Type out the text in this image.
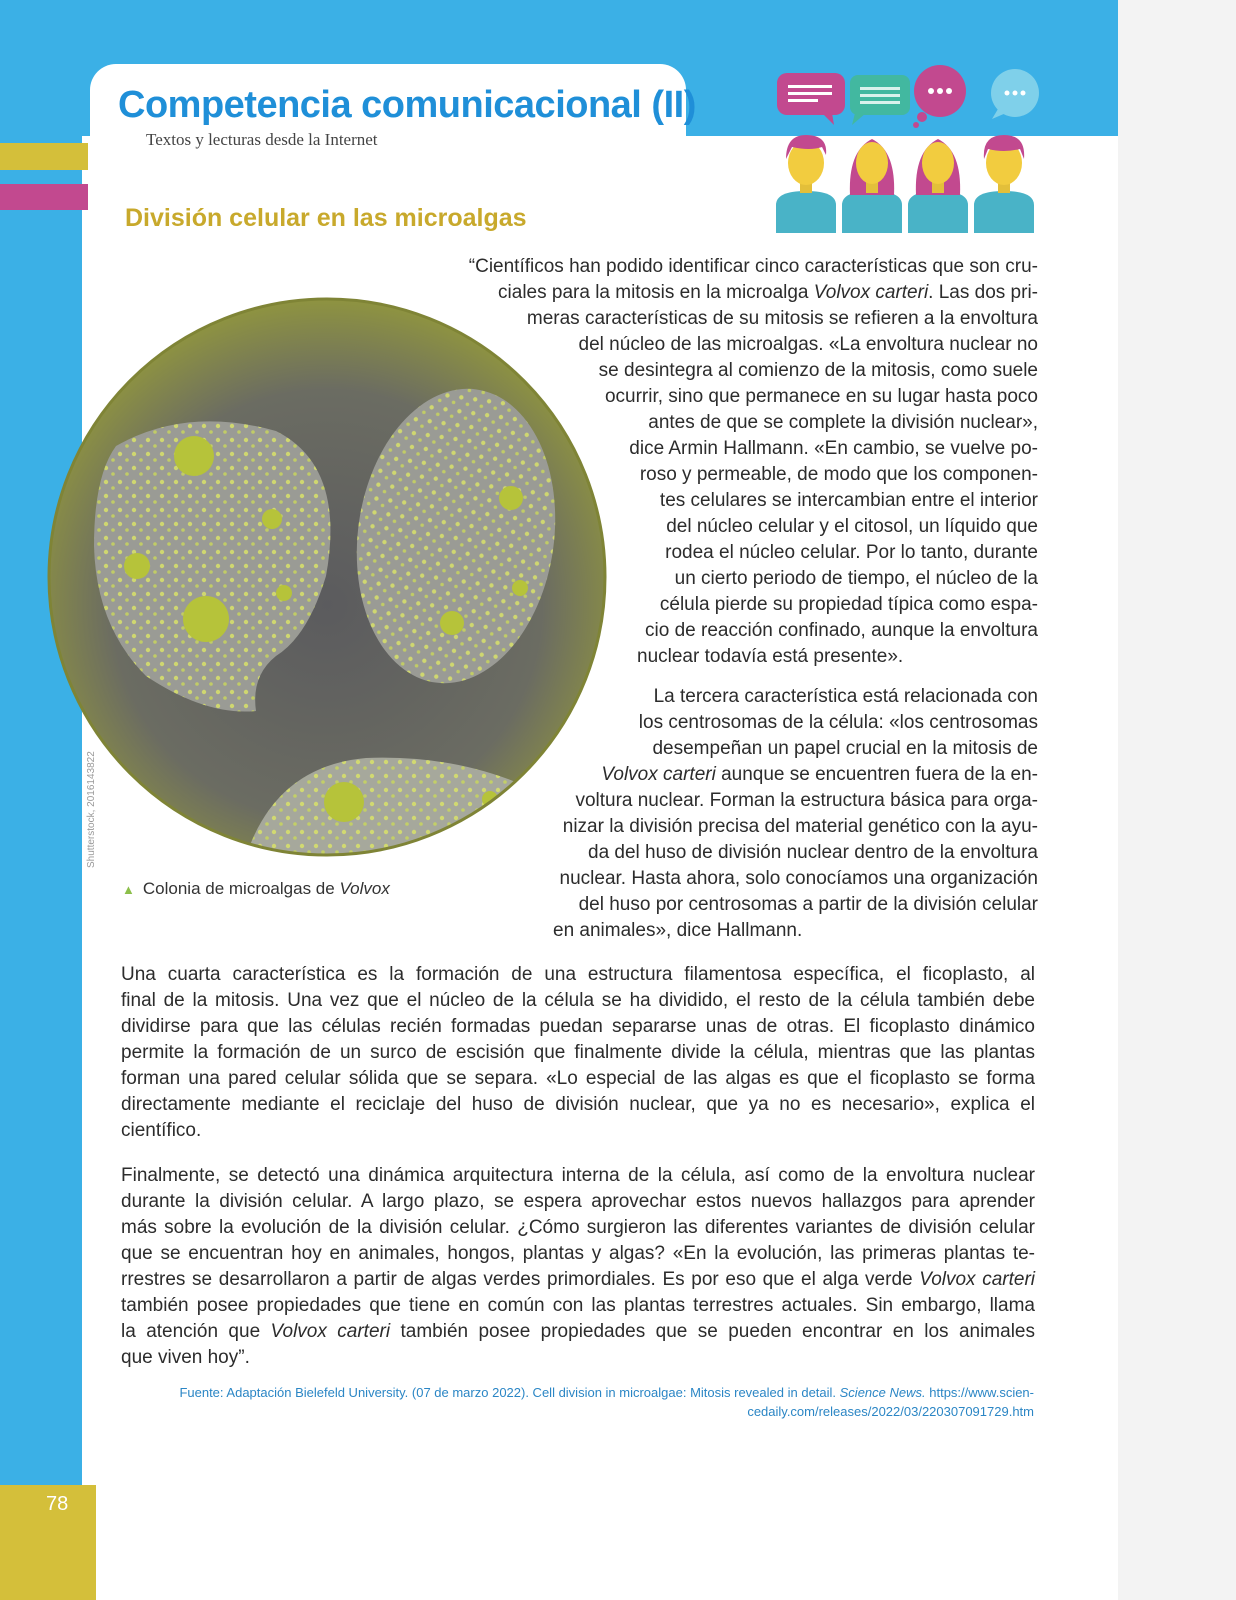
Competencia comunicacional (II)
Textos y lecturas desde la Internet
División celular en las microalgas
Shutterstock, 2016143822
▲ Colonia de microalgas de Volvox
“Científicos han podido identificar cinco características que son cru-
ciales para la mitosis en la microalga Volvox carteri. Las dos pri-
meras características de su mitosis se refieren a la envoltura
del núcleo de las microalgas. «La envoltura nuclear no
se desintegra al comienzo de la mitosis, como suele
ocurrir, sino que permanece en su lugar hasta poco
antes de que se complete la división nuclear»,
dice Armin Hallmann. «En cambio, se vuelve po-
roso y permeable, de modo que los componen-
tes celulares se intercambian entre el interior
del núcleo celular y el citosol, un líquido que
rodea el núcleo celular. Por lo tanto, durante
un cierto periodo de tiempo, el núcleo de la
célula pierde su propiedad típica como espa-
cio de reacción confinado, aunque la envoltura
nuclear todavía está presente».
La tercera característica está relacionada con
los centrosomas de la célula: «los centrosomas
desempeñan un papel crucial en la mitosis de
Volvox carteri aunque se encuentren fuera de la en-
voltura nuclear. Forman la estructura básica para orga-
nizar la división precisa del material genético con la ayu-
da del huso de división nuclear dentro de la envoltura
nuclear. Hasta ahora, solo conocíamos una organización
del huso por centrosomas a partir de la división celular
en animales», dice Hallmann.
Una cuarta característica es la formación de una estructura filamentosa específica, el ficoplasto, al
final de la mitosis. Una vez que el núcleo de la célula se ha dividido, el resto de la célula también debe
dividirse para que las células recién formadas puedan separarse unas de otras. El ficoplasto dinámico
permite la formación de un surco de escisión que finalmente divide la célula, mientras que las plantas
forman una pared celular sólida que se separa. «Lo especial de las algas es que el ficoplasto se forma
directamente mediante el reciclaje del huso de división nuclear, que ya no es necesario», explica el
científico.
Finalmente, se detectó una dinámica arquitectura interna de la célula, así como de la envoltura nuclear
durante la división celular. A largo plazo, se espera aprovechar estos nuevos hallazgos para aprender
más sobre la evolución de la división celular. ¿Cómo surgieron las diferentes variantes de división celular
que se encuentran hoy en animales, hongos, plantas y algas? «En la evolución, las primeras plantas te-
rrestres se desarrollaron a partir de algas verdes primordiales. Es por eso que el alga verde Volvox carteri
también posee propiedades que tiene en común con las plantas terrestres actuales. Sin embargo, llama
la atención que Volvox carteri también posee propiedades que se pueden encontrar en los animales
que viven hoy”.
Fuente: Adaptación Bielefeld University. (07 de marzo 2022). Cell division in microalgae: Mitosis revealed in detail. Science News. https://www.scien-
cedaily.com/releases/2022/03/220307091729.htm
78
